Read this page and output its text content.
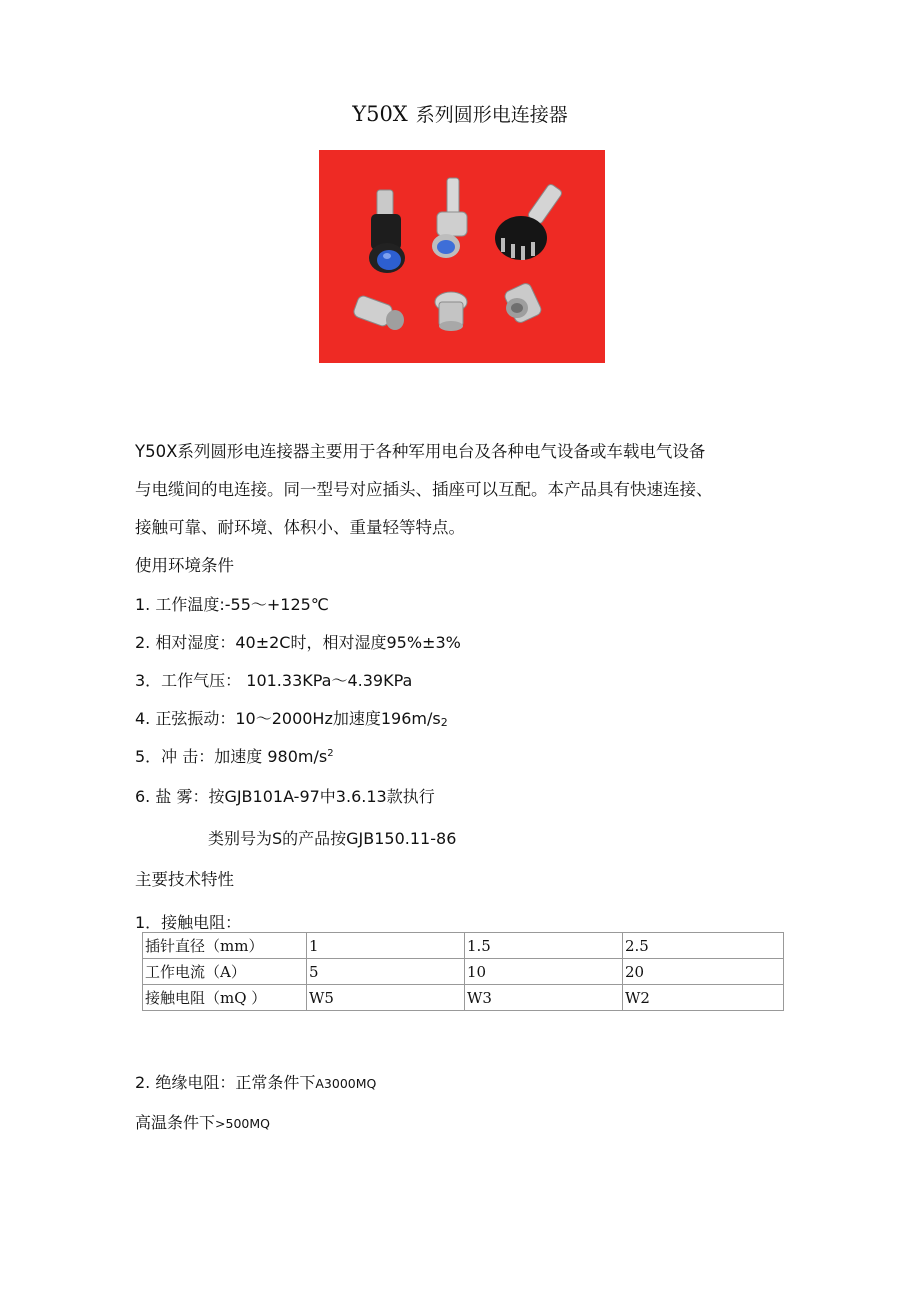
Y50X 系列圆形电连接器
Y50X系列圆形电连接器主要用于各种军用电台及各种电气设备或车载电气设备
与电缆间的电连接。同一型号对应插头、插座可以互配。本产品具有快速连接、
接触可靠、耐环境、体积小、重量轻等特点。
使用环境条件
1. 工作温度:-55～+125℃
2. 相对湿度：40±2C时，相对湿度95%±3%
3．工作气压： 101.33KPa～4.39KPa
4. 正弦振动：10～2000Hz加速度$196m/s_2$
5．冲 击：加速度 $980m/s^2$
6. 盐 雾：按GJB101A-97中3.6.13款执行
类别号为S的产品按GJB150.11-86
主要技术特性
1．接触电阻：
插针直径（mm）	1	1.5	2.5
工作电流（A）	5	10	20
接触电阻（mQ ）	W5	W3	W2
2. 绝缘电阻：正常条件下A3000MQ
高温条件下>500MQ
